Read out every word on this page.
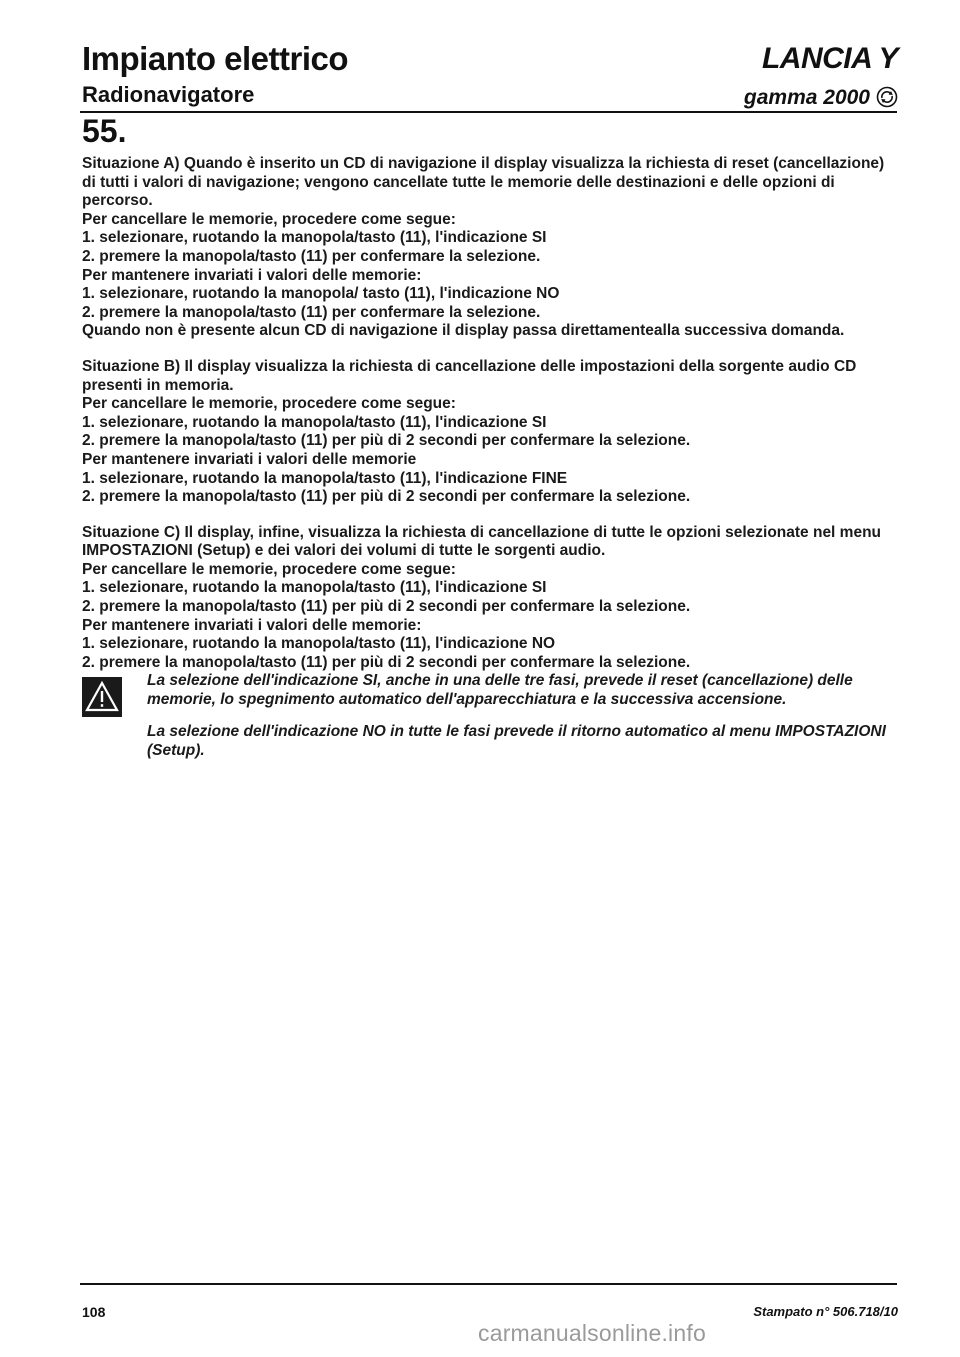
Impianto elettrico
Radionavigatore
LANCIA Y
gamma 2000
55.

Situazione A) Quando è inserito un CD di navigazione il display visualizza la richiesta di reset (cancellazione) di tutti i valori di navigazione; vengono cancellate tutte le memorie delle destinazioni e delle opzioni di percorso.

Per cancellare le memorie, procedere come segue:

1. selezionare, ruotando la manopola/tasto (11), l'indicazione SI

2. premere la manopola/tasto (11) per confermare la selezione.

Per mantenere invariati i valori delle memorie:

1. selezionare, ruotando la manopola/ tasto (11), l'indicazione NO

2. premere la manopola/tasto (11) per confermare la selezione.

Quando non è presente alcun CD di navigazione il display passa direttamentealla successiva domanda.

Situazione B) Il display visualizza la richiesta di cancellazione delle impostazioni della sorgente audio CD presenti in memoria.

Per cancellare le memorie, procedere come segue:

1. selezionare, ruotando la manopola/tasto (11), l'indicazione SI

2. premere la manopola/tasto (11) per più di 2 secondi per confermare la selezione.

Per mantenere invariati i valori delle memorie

1. selezionare, ruotando la manopola/tasto (11), l'indicazione FINE

2. premere la manopola/tasto (11) per più di 2 secondi per confermare la selezione.

Situazione C) Il display, infine, visualizza la richiesta di cancellazione di tutte le opzioni selezionate nel menu IMPOSTAZIONI (Setup) e dei valori dei volumi di tutte le sorgenti audio.

Per cancellare le memorie, procedere come segue:

1. selezionare, ruotando la manopola/tasto (11), l'indicazione SI

2. premere la manopola/tasto (11) per più di 2 secondi per confermare la selezione.

Per mantenere invariati i valori delle memorie:

1. selezionare, ruotando la manopola/tasto (11), l'indicazione NO

2. premere la manopola/tasto (11) per più di 2 secondi per confermare la selezione.

La selezione dell'indicazione SI, anche in una delle tre fasi, prevede il reset (cancellazione) delle memorie, lo spegnimento automatico dell'apparecchiatura e la successiva accensione.

La selezione dell'indicazione NO in tutte le fasi prevede il ritorno automatico al menu IMPOSTAZIONI (Setup).

108	Stampato n° 506.718/10
carmanualsonline.info
